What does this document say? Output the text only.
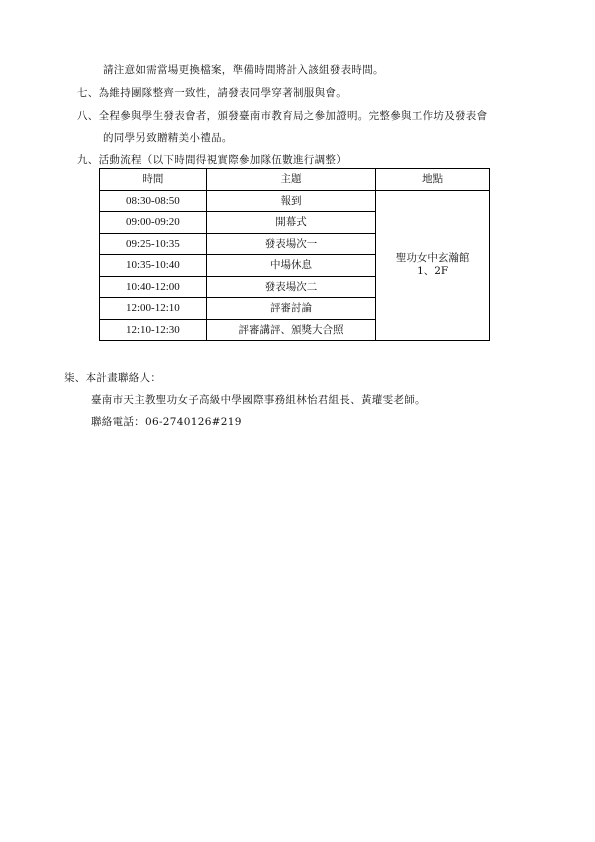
請注意如需當場更換檔案，準備時間將計入該組發表時間。
七、為維持團隊整齊一致性，請發表同學穿著制服與會。
八、全程參與學生發表會者，頒發臺南市教育局之參加證明。完整參與工作坊及發表會
的同學另致贈精美小禮品。
九、活動流程（以下時間得視實際參加隊伍數進行調整）
時間	主題	地點
08:30-08:50	報到	聖功女中玄瀚館
1、2F
09:00-09:20	開幕式	
09:25-10:35	發表場次一	
10:35-10:40	中場休息	
10:40-12:00	發表場次二	
12:00-12:10	評審討論	
12:10-12:30	評審講評、頒獎大合照	
柒、本計畫聯絡人：
臺南市天主教聖功女子高級中學國際事務組林怡君組長、黃瓘雯老師。
聯絡電話：06-2740126#219
